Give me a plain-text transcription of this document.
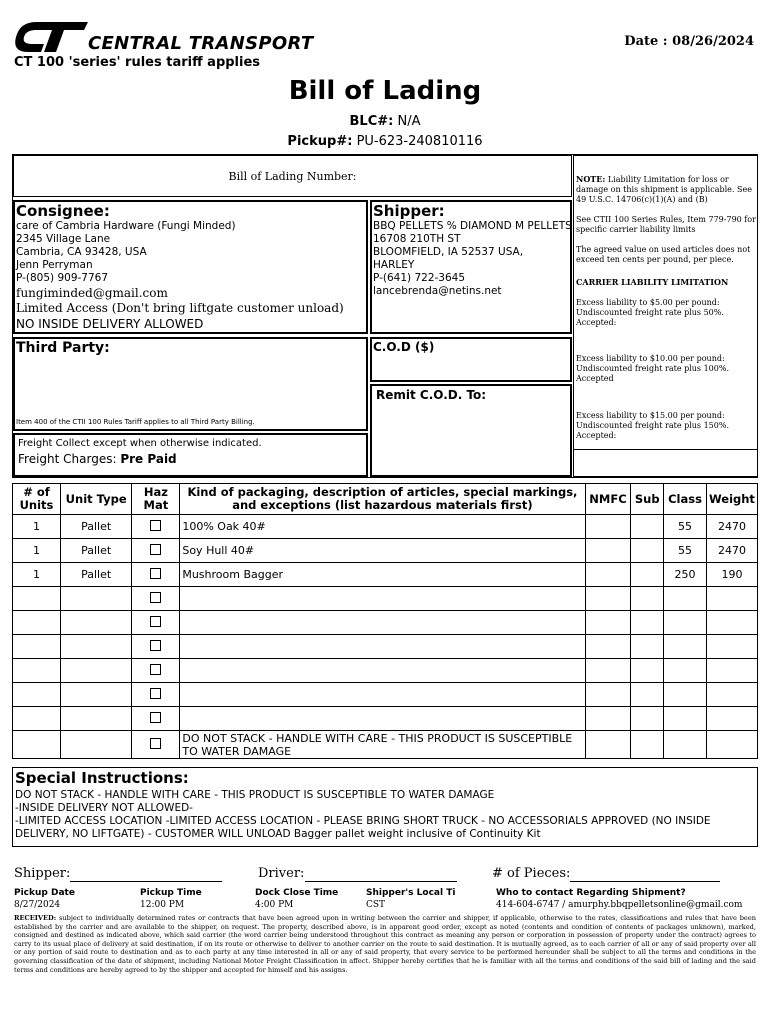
CENTRAL TRANSPORT
CT 100 'series' rules tariff applies
Date : 08/26/2024
Bill of Lading
BLC#: N/A
Pickup#: PU-623-240810116
Bill of Lading Number:
Consignee:
care of Cambria Hardware (Fungi Minded)
2345 Village Lane
Cambria, CA 93428, USA
Jenn Perryman
P-(805) 909-7767
fungiminded@gmail.com
Limited Access (Don't bring liftgate customer unload)
NO INSIDE DELIVERY ALLOWED
Shipper:
BBQ PELLETS % DIAMOND M PELLETS
16708 210TH ST
BLOOMFIELD, IA 52537 USA,
HARLEY
P-(641) 722-3645
lancebrenda@netins.net
Third Party:
Item 400 of the CTII 100 Rules Tariff applies to all Third Party Billing.
C.O.D ($)
Remit C.O.D. To:
Freight Collect except when otherwise indicated.
Freight Charges: Pre Paid
NOTE: Liability Limitation for loss or damage on this shipment is applicable. See 49 U.S.C. 14706(c)(1)(A) and (B)
See CTII 100 Series Rules, Item 779-790 for specific carrier liability limits
The agreed value on used articles does not exceed ten cents per pound, per piece.
CARRIER LIABILITY LIMITATION
Excess liability to $5.00 per pound: Undiscounted freight rate plus 50%. Accepted:
Excess liability to $10.00 per pound: Undiscounted freight rate plus 100%. Accepted
Excess liability to $15.00 per pound: Undiscounted freight rate plus 150%. Accepted:
# of Units	Unit Type	Haz Mat	Kind of packaging, description of articles, special markings, and exceptions (list hazardous materials first)	NMFC	Sub	Class	Weight
1	Pallet		100% Oak 40#			55	2470
1	Pallet		Soy Hull 40#			55	2470
1	Pallet		Mushroom Bagger			250	190

			DO NOT STACK - HANDLE WITH CARE - THIS PRODUCT IS SUSCEPTIBLE TO WATER DAMAGE				
Special Instructions:
DO NOT STACK - HANDLE WITH CARE - THIS PRODUCT IS SUSCEPTIBLE TO WATER DAMAGE
-INSIDE DELIVERY NOT ALLOWED-
-LIMITED ACCESS LOCATION -LIMITED ACCESS LOCATION - PLEASE BRING SHORT TRUCK - NO ACCESSORIALS APPROVED (NO INSIDE
DELIVERY, NO LIFTGATE) - CUSTOMER WILL UNLOAD Bagger pallet weight inclusive of Continuity Kit
Shipper:	Driver:	# of Pieces:
Pickup Date
8/27/2024
Pickup Time
12:00 PM
Dock Close Time
4:00 PM
Shipper's Local Ti
CST
Who to contact Regarding Shipment?
414-604-6747 / amurphy.bbqpelletsonline@gmail.com
RECEIVED: subject to individually determined rates or contracts that have been agreed upon in writing between the carrier and shipper, if applicable, otherwise to the rates, classifications and rules that have been established by the carrier and are available to the shipper, on request. The property, described above, is in apparent good order, except as noted (contents and condition of contents of packages unknown), marked, consigned and destined as indicated above, which said carrier (the word carrier being understood throughout this contract as meaning any person or corporation in possession of property under the contract) agrees to carry to its usual place of delivery at said destination, if on its route or otherwise to deliver to another carrier on the route to said destination. It is mutually agreed, as to each carrier of all or any of said property over all or any portion of said route to destination and as to each party at any time interested in all or any of said property, that every service to be performed hereunder shall be subject to all the terms and conditions in the governing classification of the date of shipment, including National Motor Freight Classification in affect. Shipper hereby certifies that he is familiar with all the terms and conditions of the said bill of lading and the said terms and conditions are hereby agreed to by the shipper and accepted for himself and his assigns.
